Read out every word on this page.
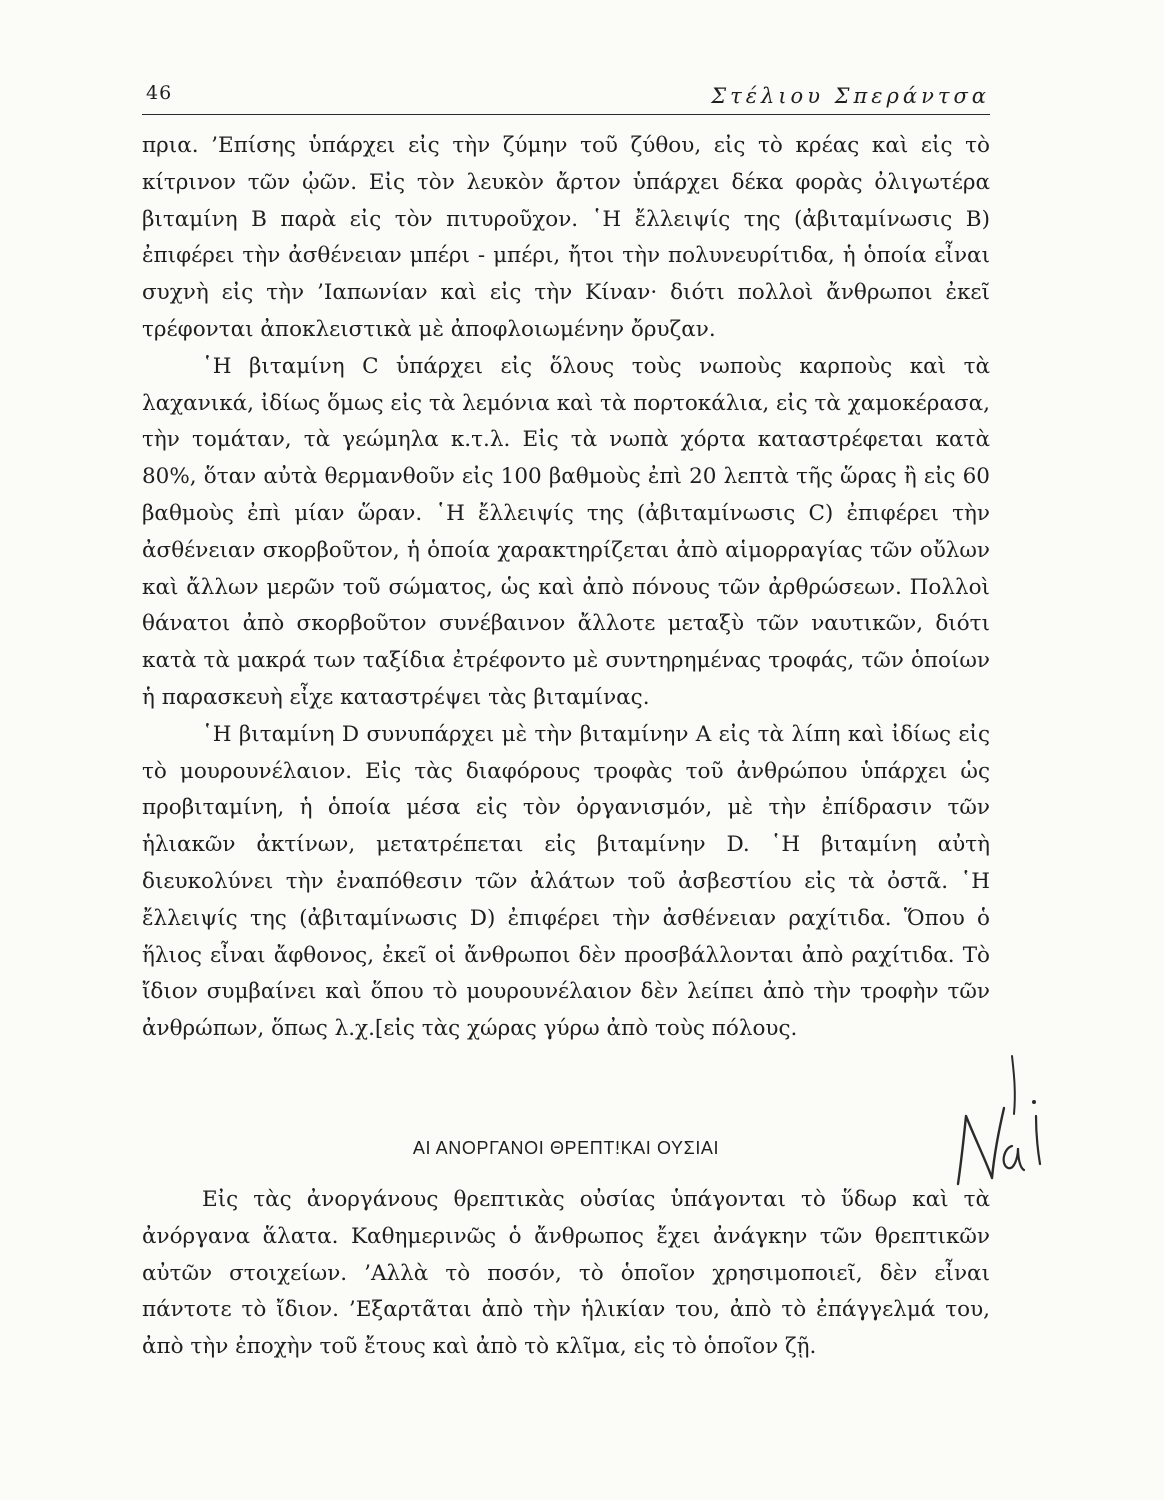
46	Στέλιου Σπεράντσα

πρια. ’Επίσης ὑπάρχει εἰς τὴν ζύμην τοῦ ζύθου, εἰς τὸ κρέας καὶ εἰς τὸ κίτρινον τῶν ᾠῶν. Εἰς τὸν λευκὸν ἄρτον ὑπάρχει δέκα φορὰς ὀλιγωτέρα βιταμίνη Β παρὰ εἰς τὸν πιτυροῦχον. ῾Η ἔλλειψίς της (ἀβιταμίνωσις Β) ἐπιφέρει τὴν ἀσθένειαν μπέρι - μπέρι, ἤτοι τὴν πολυνευρίτιδα, ἡ ὁποία εἶναι συχνὴ εἰς τὴν ’Ιαπωνίαν καὶ εἰς τὴν Κίναν· διότι πολλοὶ ἄνθρωποι ἐκεῖ τρέφονται ἀποκλειστικὰ μὲ ἀποφλοιωμένην ὄρυζαν.

῾Η βιταμίνη C ὑπάρχει εἰς ὅλους τοὺς νωποὺς καρποὺς καὶ τὰ λαχανικά, ἰδίως ὅμως εἰς τὰ λεμόνια καὶ τὰ πορτοκάλια, εἰς τὰ χαμοκέρασα, τὴν τομάταν, τὰ γεώμηλα κ.τ.λ. Εἰς τὰ νωπὰ χόρτα καταστρέφεται κατὰ 80%, ὅταν αὐτὰ θερμανθοῦν εἰς 100 βαθμοὺς ἐπὶ 20 λεπτὰ τῆς ὥρας ἢ εἰς 60 βαθμοὺς ἐπὶ μίαν ὥραν. ῾Η ἔλλειψίς της (ἀβιταμίνωσις C) ἐπιφέρει τὴν ἀσθένειαν σκορβοῦτον, ἡ ὁποία χαρακτηρίζεται ἀπὸ αἱμορραγίας τῶν οὔλων καὶ ἄλλων μερῶν τοῦ σώματος, ὡς καὶ ἀπὸ πόνους τῶν ἀρθρώσεων. Πολλοὶ θάνατοι ἀπὸ σκορβοῦτον συνέβαινον ἄλλοτε μεταξὺ τῶν ναυτικῶν, διότι κατὰ τὰ μακρά των ταξίδια ἐτρέφοντο μὲ συντηρημένας τροφάς, τῶν ὁποίων ἡ παρασκευὴ εἶχε καταστρέψει τὰς βιταμίνας.

῾Η βιταμίνη D συνυπάρχει μὲ τὴν βιταμίνην Α εἰς τὰ λίπη καὶ ἰδίως εἰς τὸ μουρουνέλαιον. Εἰς τὰς διαφόρους τροφὰς τοῦ ἀνθρώπου ὑπάρχει ὡς προβιταμίνη, ἡ ὁποία μέσα εἰς τὸν ὀργανισμόν, μὲ τὴν ἐπίδρασιν τῶν ἡλιακῶν ἀκτίνων, μετατρέπεται εἰς βιταμίνην D. ῾Η βιταμίνη αὐτὴ διευκολύνει τὴν ἐναπόθεσιν τῶν ἀλάτων τοῦ ἀσβεστίου εἰς τὰ ὀστᾶ. ῾Η ἔλλειψίς της (ἀβιταμίνωσις D) ἐπιφέρει τὴν ἀσθένειαν ραχίτιδα. Ὅπου ὁ ἥλιος εἶναι ἄφθονος, ἐκεῖ οἱ ἄνθρωποι δὲν προσβάλλονται ἀπὸ ραχίτιδα. Τὸ ἴδιον συμβαίνει καὶ ὅπου τὸ μουρουνέλαιον δὲν λείπει ἀπὸ τὴν τροφὴν τῶν ἀνθρώπων, ὅπως λ.χ.[εἰς τὰς χώρας γύρω ἀπὸ τοὺς πόλους.

ΑΙ ΑΝΟΡΓΑΝΟΙ ΘΡΕΠΤ!ΚΑΙ ΟΥΣΙΑΙ

Εἰς τὰς ἀνοργάνους θρεπτικὰς οὐσίας ὑπάγονται τὸ ὕδωρ καὶ τὰ ἀνόργανα ἅλατα. Καθημερινῶς ὁ ἄνθρωπος ἔχει ἀνάγκην τῶν θρεπτικῶν αὐτῶν στοιχείων. ’Αλλὰ τὸ ποσόν, τὸ ὁποῖον χρησιμοποιεῖ, δὲν εἶναι πάντοτε τὸ ἴδιον. ’Εξαρτᾶται ἀπὸ τὴν ἡλικίαν του, ἀπὸ τὸ ἐπάγγελμά του, ἀπὸ τὴν ἐποχὴν τοῦ ἔτους καὶ ἀπὸ τὸ κλῖμα, εἰς τὸ ὁποῖον ζῇ.
